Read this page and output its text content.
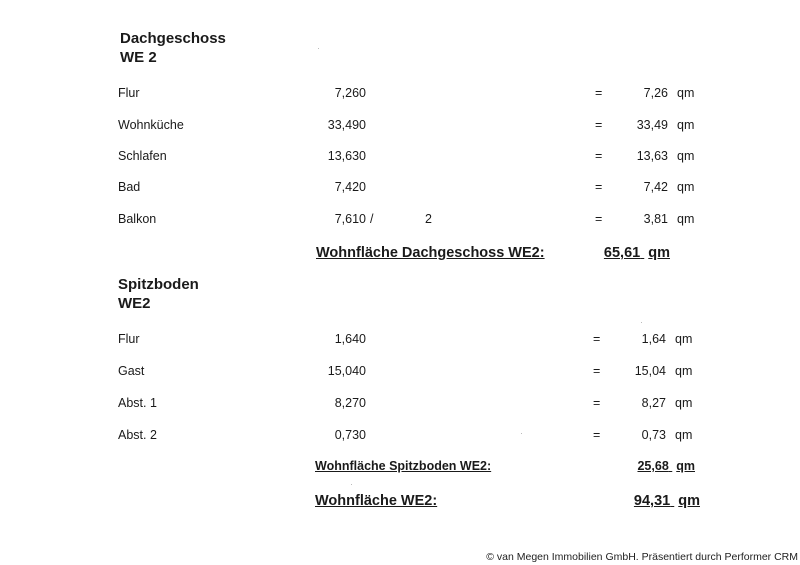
Dachgeschoss
WE 2
Flur	7,260	=	7,26 qm
Wohnküche	33,490	=	33,49 qm
Schlafen	13,630	=	13,63 qm
Bad	7,420	=	7,42 qm
Balkon	7,610 /	2	=	3,81 qm
Wohnfläche Dachgeschoss WE2:	65,61 qm
Spitzboden
WE2
Flur	1,640	=	1,64 qm
Gast	15,040	=	15,04 qm
Abst. 1	8,270	=	8,27 qm
Abst. 2	0,730	=	0,73 qm
Wohnfläche Spitzboden WE2:	25,68 qm
Wohnfläche WE2:	94,31 qm
© van Megen Immobilien GmbH. Präsentiert durch Performer CRM
